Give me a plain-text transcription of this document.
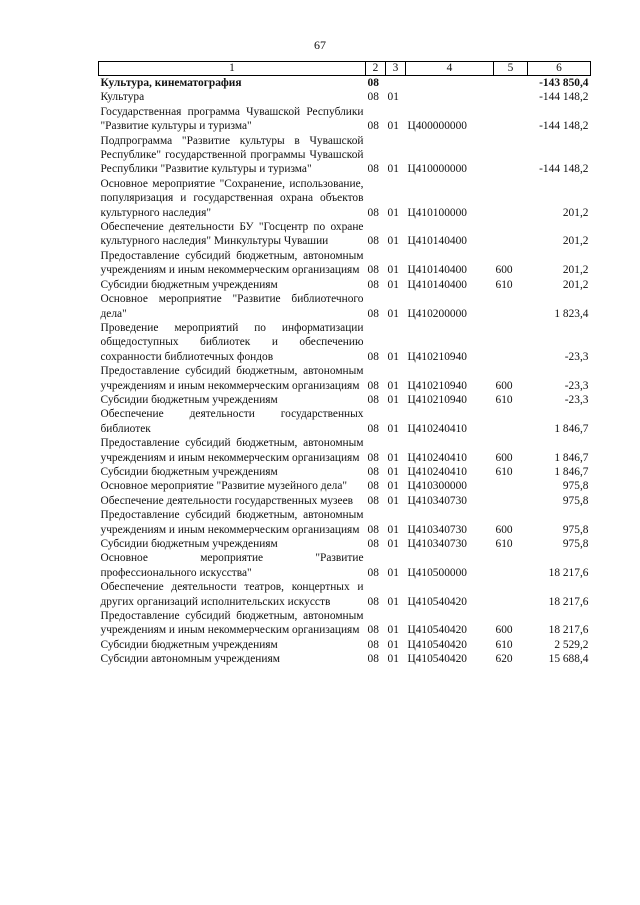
67
1	2	3	4	5	6
Культура, кинематография	08				-143 850,4
Культура	08	01			-144 148,2
Государственная программа Чувашской Республики "Развитие культуры и туризма"	08	01	Ц400000000		-144 148,2
Подпрограмма "Развитие культуры в Чувашской Республике" государственной программы Чувашской Республики "Развитие культуры и туризма"	08	01	Ц410000000		-144 148,2
Основное мероприятие "Сохранение, использование, популяризация и государственная охрана объектов культурного наследия"	08	01	Ц410100000		201,2
Обеспечение деятельности БУ "Госцентр по охране культурного наследия" Минкультуры Чувашии	08	01	Ц410140400		201,2
Предоставление субсидий бюджетным, автономным учреждениям и иным некоммерческим организациям	08	01	Ц410140400	600	201,2
Субсидии бюджетным учреждениям	08	01	Ц410140400	610	201,2
Основное мероприятие "Развитие библиотечного дела"	08	01	Ц410200000		1 823,4
Проведение мероприятий по информатизации общедоступных библиотек и обеспечению сохранности библиотечных фондов	08	01	Ц410210940		-23,3
Предоставление субсидий бюджетным, автономным учреждениям и иным некоммерческим организациям	08	01	Ц410210940	600	-23,3
Субсидии бюджетным учреждениям	08	01	Ц410210940	610	-23,3
Обеспечение деятельности государственных библиотек	08	01	Ц410240410		1 846,7
Предоставление субсидий бюджетным, автономным учреждениям и иным некоммерческим организациям	08	01	Ц410240410	600	1 846,7
Субсидии бюджетным учреждениям	08	01	Ц410240410	610	1 846,7
Основное мероприятие "Развитие музейного дела"	08	01	Ц410300000		975,8
Обеспечение деятельности государственных музеев	08	01	Ц410340730		975,8
Предоставление субсидий бюджетным, автономным учреждениям и иным некоммерческим организациям	08	01	Ц410340730	600	975,8
Субсидии бюджетным учреждениям	08	01	Ц410340730	610	975,8
Основное мероприятие "Развитие профессионального искусства"	08	01	Ц410500000		18 217,6
Обеспечение деятельности театров, концертных и других организаций исполнительских искусств	08	01	Ц410540420		18 217,6
Предоставление субсидий бюджетным, автономным учреждениям и иным некоммерческим организациям	08	01	Ц410540420	600	18 217,6
Субсидии бюджетным учреждениям	08	01	Ц410540420	610	2 529,2
Субсидии автономным учреждениям	08	01	Ц410540420	620	15 688,4
